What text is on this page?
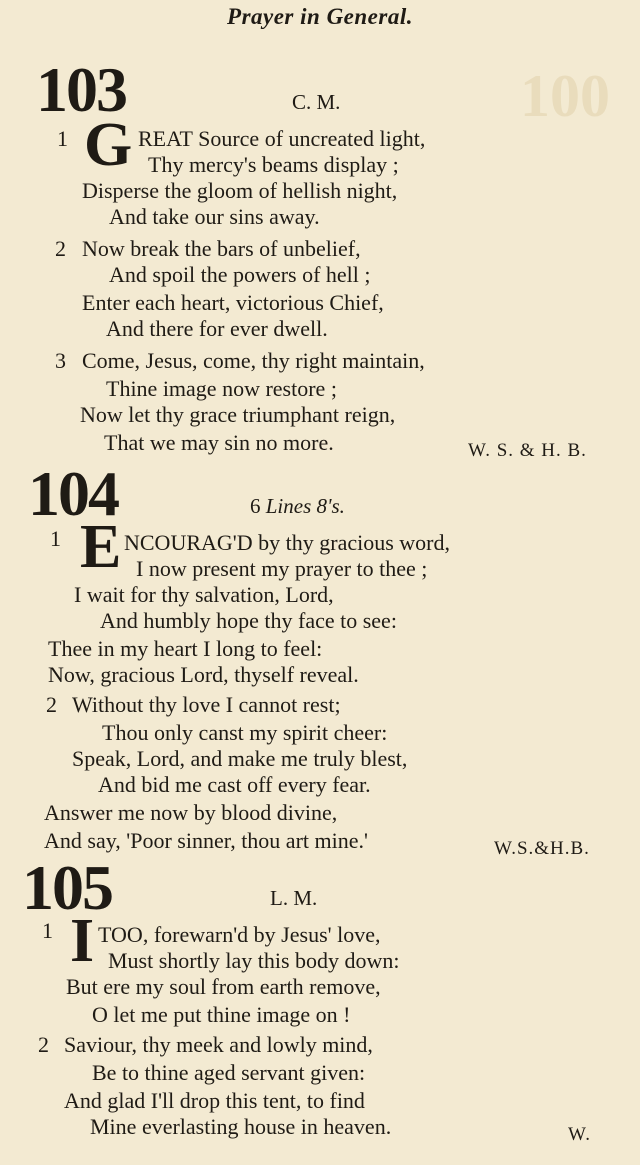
Prayer in General.
100
103	C. M.
1 G REAT Source of uncreated light,
Thy mercy's beams display ;
Disperse the gloom of hellish night,
And take our sins away.
2 Now break the bars of unbelief,
And spoil the powers of hell ;
Enter each heart, victorious Chief,
And there for ever dwell.
3 Come, Jesus, come, thy right maintain,
Thine image now restore ;
Now let thy grace triumphant reign,
That we may sin no more.	W. S. & H. B.
104	6 Lines 8's.
1 E NCOURAG'D by thy gracious word,
I now present my prayer to thee ;
I wait for thy salvation, Lord,
And humbly hope thy face to see:
Thee in my heart I long to feel:
Now, gracious Lord, thyself reveal.
2 Without thy love I cannot rest;
Thou only canst my spirit cheer:
Speak, Lord, and make me truly blest,
And bid me cast off every fear.
Answer me now by blood divine,
And say, 'Poor sinner, thou art mine.'	W.S.&H.B.
105	L. M.
1 I TOO, forewarn'd by Jesus' love,
Must shortly lay this body down:
But ere my soul from earth remove,
O let me put thine image on !
2 Saviour, thy meek and lowly mind,
Be to thine aged servant given:
And glad I'll drop this tent, to find
Mine everlasting house in heaven.	W.
